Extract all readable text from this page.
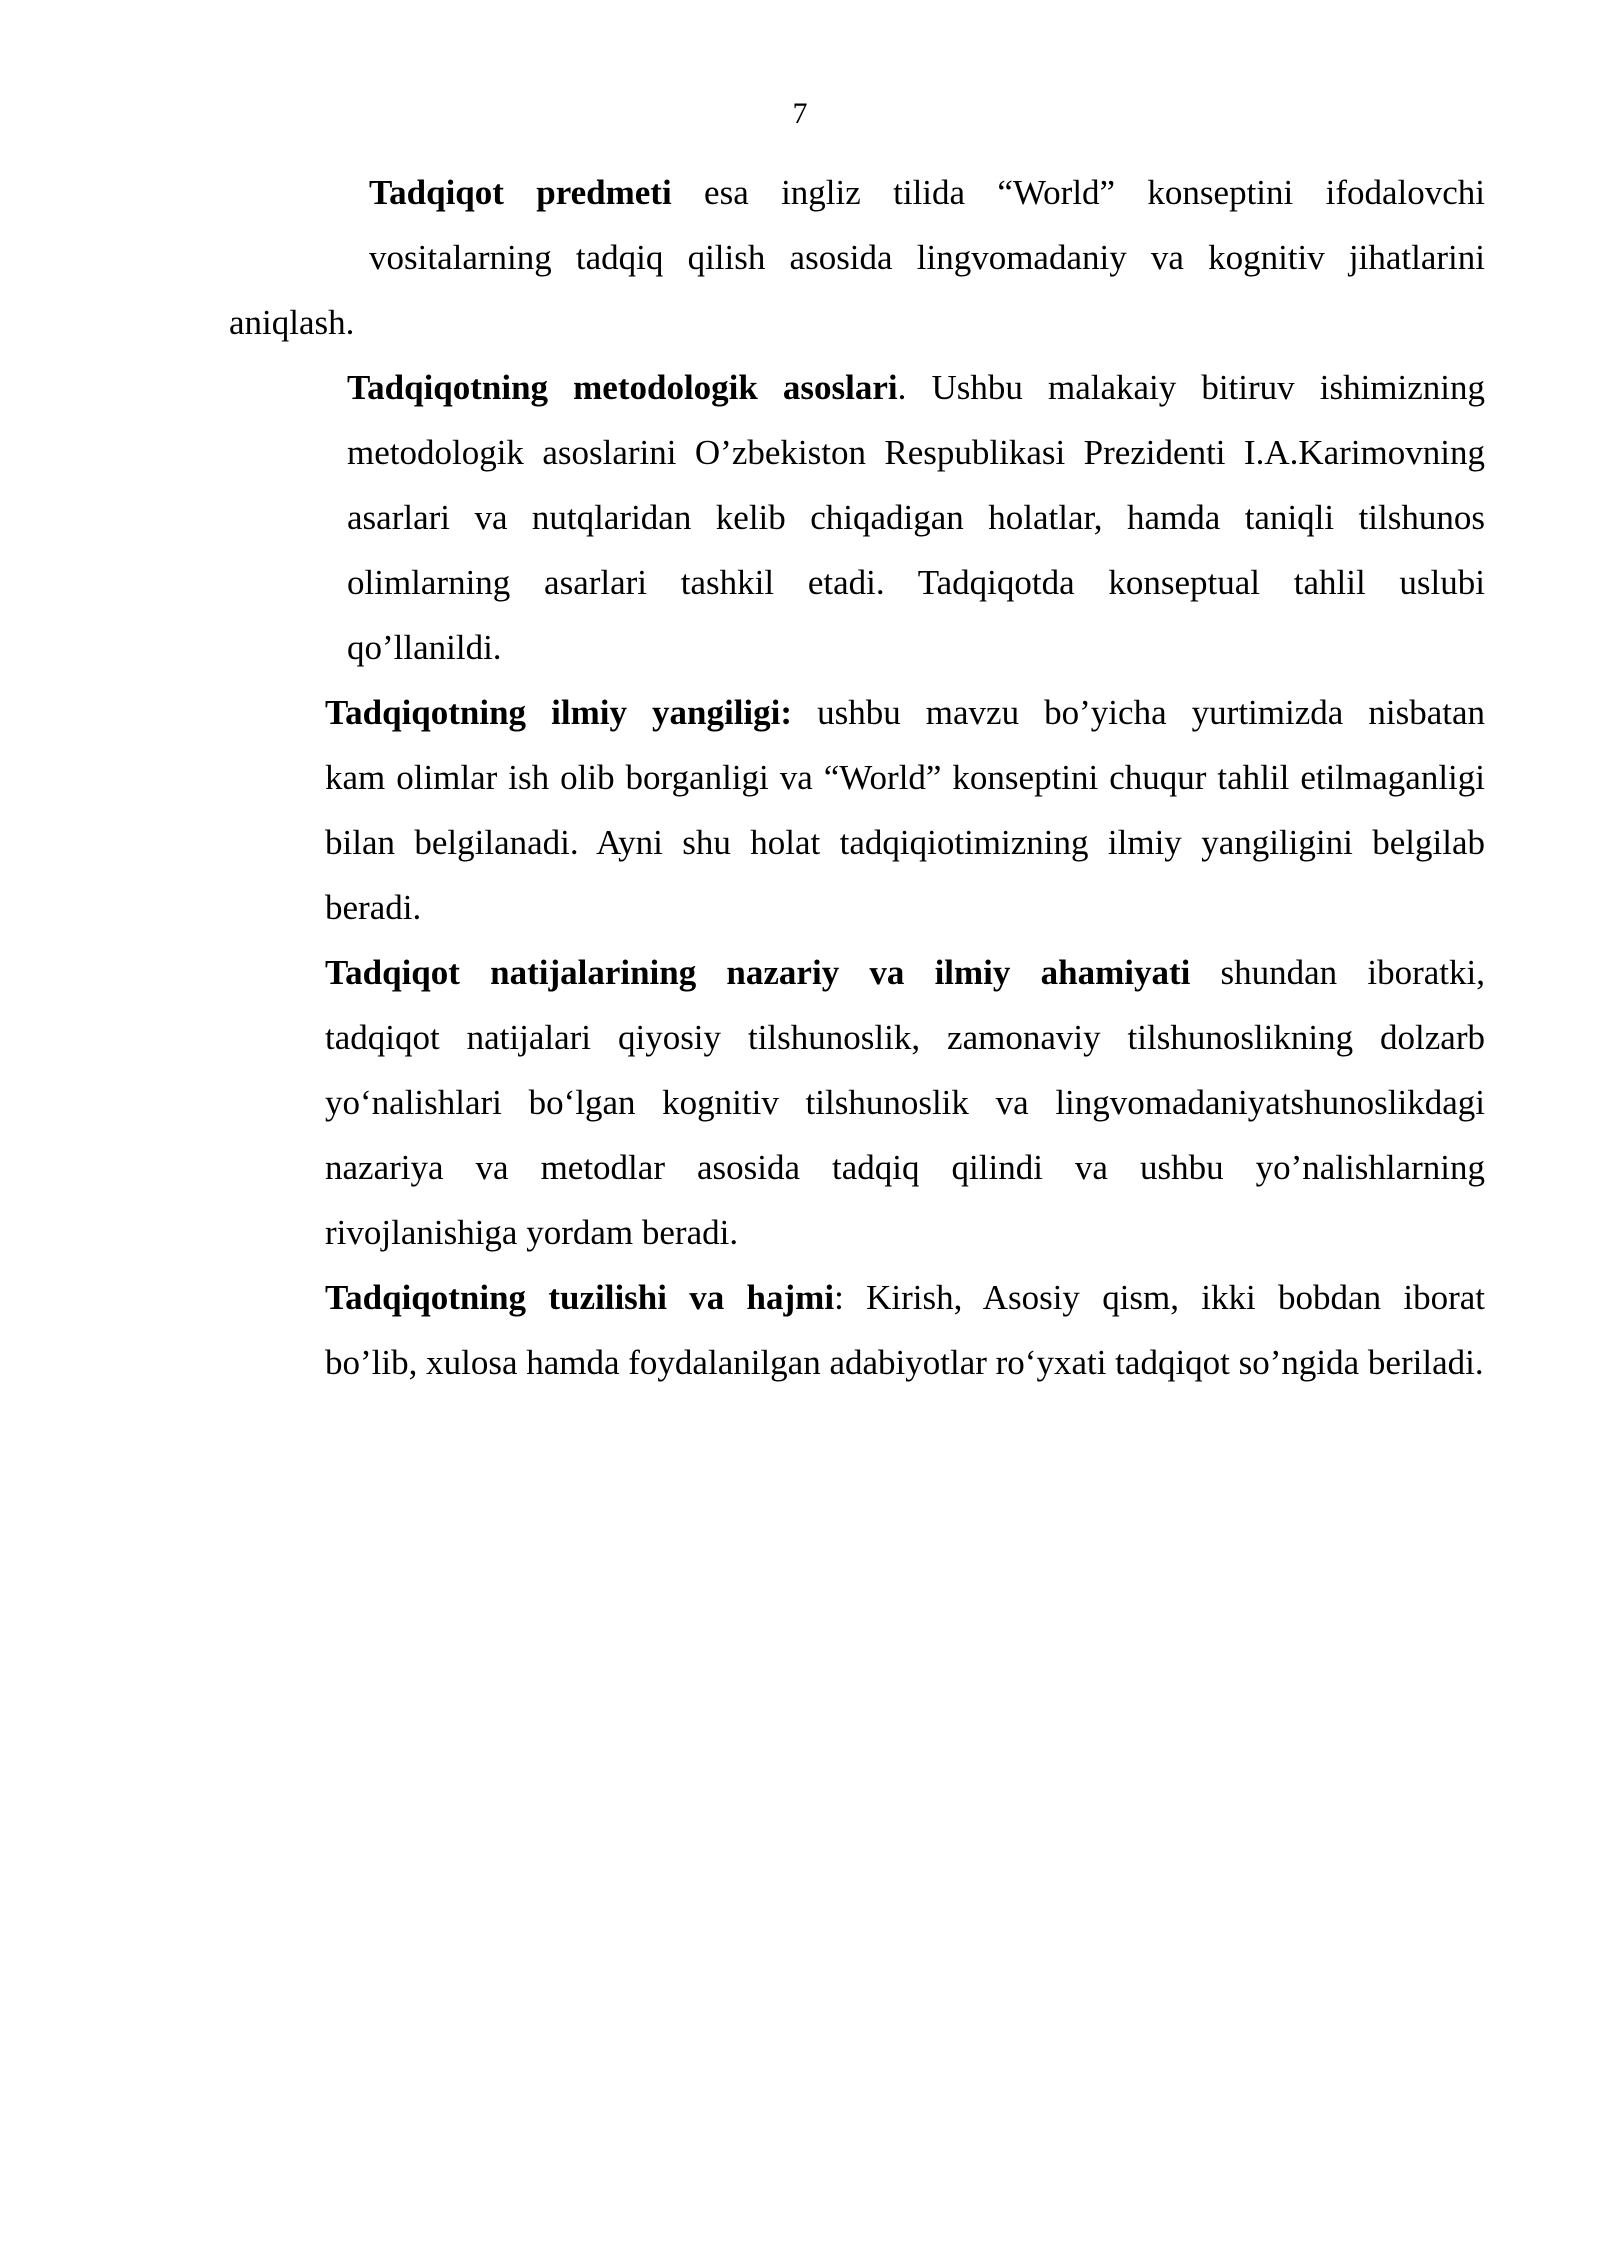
7

Tadqiqot predmeti esa ingliz tilida “World” konseptini ifodalovchi
vositalarning tadqiq qilish asosida lingvomadaniy va kognitiv jihatlarini aniqlash.

Tadqiqotning metodologik asoslari. Ushbu malakaiy bitiruv ishimizning
metodologik asoslarini O’zbekiston Respublikasi Prezidenti I.A.Karimovning
asarlari va nutqlaridan kelib chiqadigan holatlar, hamda taniqli tilshunos
olimlarning asarlari tashkil etadi. Tadqiqotda konseptual tahlil uslubi
qo’llanildi.

Tadqiqotning ilmiy yangiligi: ushbu mavzu bo’yicha yurtimizda nisbatan
kam olimlar ish olib borganligi va “World” konseptini chuqur tahlil etilmaganligi
bilan belgilanadi. Ayni shu holat tadqiqiotimizning ilmiy yangiligini belgilab
beradi.

Tadqiqot natijalarining nazariy va ilmiy ahamiyati shundan iboratki,
tadqiqot natijalari qiyosiy tilshunoslik, zamonaviy tilshunoslikning dolzarb
yo‘nalishlari bo‘lgan kognitiv tilshunoslik va lingvomadaniyatshunoslikdagi
nazariya va metodlar asosida tadqiq qilindi va ushbu yo’nalishlarning
rivojlanishiga yordam beradi.

Tadqiqotning tuzilishi va hajmi: Kirish, Asosiy qism, ikki bobdan iborat
bo’lib, xulosa hamda foydalanilgan adabiyotlar ro‘yxati tadqiqot so’ngida beriladi.
